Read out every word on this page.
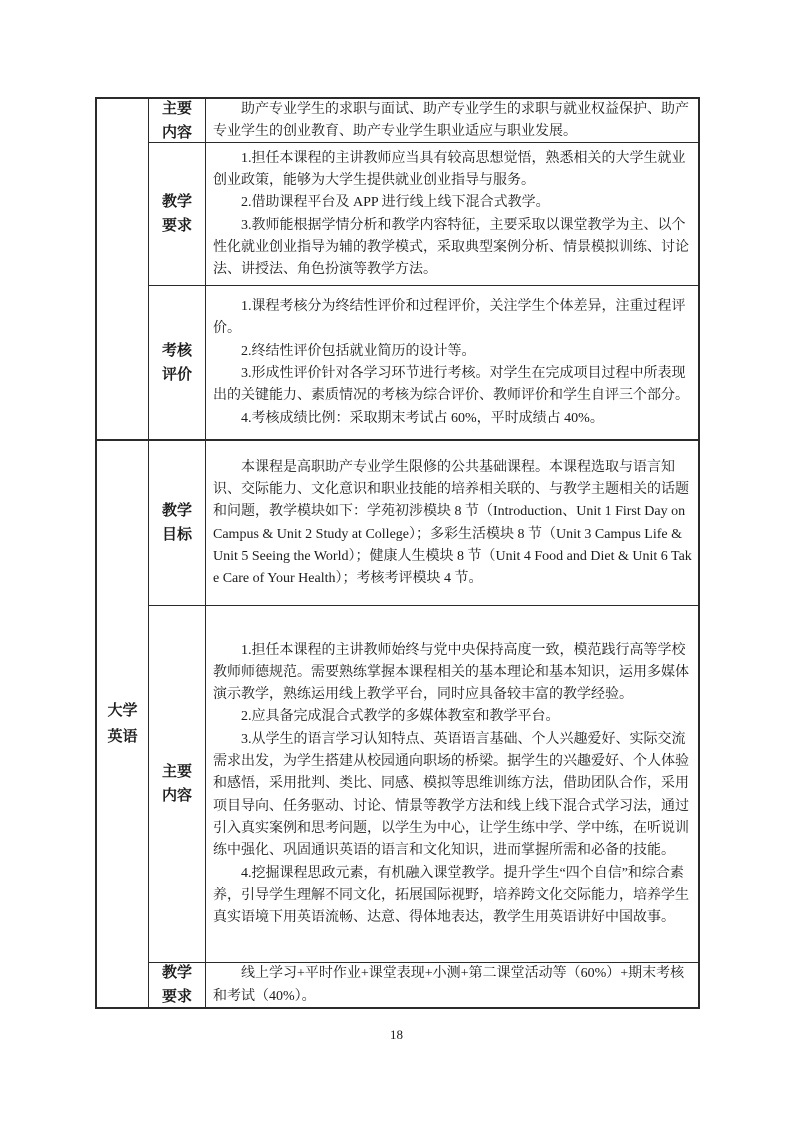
主要内容

助产专业学生的求职与面试、助产专业学生的求职与就业权益保护、助产专业学生的创业教育、助产专业学生职业适应与职业发展。

教学要求

1.担任本课程的主讲教师应当具有较高思想觉悟，熟悉相关的大学生就业创业政策，能够为大学生提供就业创业指导与服务。

2.借助课程平台及 APP 进行线上线下混合式教学。

3.教师能根据学情分析和教学内容特征，主要采取以课堂教学为主、以个性化就业创业指导为辅的教学模式，采取典型案例分析、情景模拟训练、讨论法、讲授法、角色扮演等教学方法。

考核评价

1.课程考核分为终结性评价和过程评价，关注学生个体差异，注重过程评价。

2.终结性评价包括就业简历的设计等。

3.形成性评价针对各学习环节进行考核。对学生在完成项目过程中所表现出的关键能力、素质情况的考核为综合评价、教师评价和学生自评三个部分。

4.考核成绩比例：采取期末考试占 60%，平时成绩占 40%。

大学英语
教学目标

本课程是高职助产专业学生限修的公共基础课程。本课程选取与语言知识、交际能力、文化意识和职业技能的培养相关联的、与教学主题相关的话题和问题，教学模块如下：学苑初涉模块 8 节（Introduction、Unit 1 First Day on Campus & Unit 2 Study at College）；多彩生活模块 8 节（Unit 3 Campus Life & Unit 5 Seeing the World）；健康人生模块 8 节（Unit 4 Food and Diet & Unit 6 Take Care of Your Health）；考核考评模块 4 节。

主要内容

1.担任本课程的主讲教师始终与党中央保持高度一致，模范践行高等学校教师师德规范。需要熟练掌握本课程相关的基本理论和基本知识，运用多媒体演示教学，熟练运用线上教学平台，同时应具备较丰富的教学经验。

2.应具备完成混合式教学的多媒体教室和教学平台。

3.从学生的语言学习认知特点、英语语言基础、个人兴趣爱好、实际交流需求出发，为学生搭建从校园通向职场的桥梁。据学生的兴趣爱好、个人体验和感悟，采用批判、类比、同感、模拟等思维训练方法，借助团队合作，采用项目导向、任务驱动、讨论、情景等教学方法和线上线下混合式学习法，通过引入真实案例和思考问题，以学生为中心，让学生练中学、学中练，在听说训练中强化、巩固通识英语的语言和文化知识，进而掌握所需和必备的技能。

4.挖掘课程思政元素，有机融入课堂教学。提升学生“四个自信”和综合素养，引导学生理解不同文化，拓展国际视野，培养跨文化交际能力，培养学生真实语境下用英语流畅、达意、得体地表达，教学生用英语讲好中国故事。

教学要求

线上学习+平时作业+课堂表现+小测+第二课堂活动等（60%）+期末考核和考试（40%）。

18
